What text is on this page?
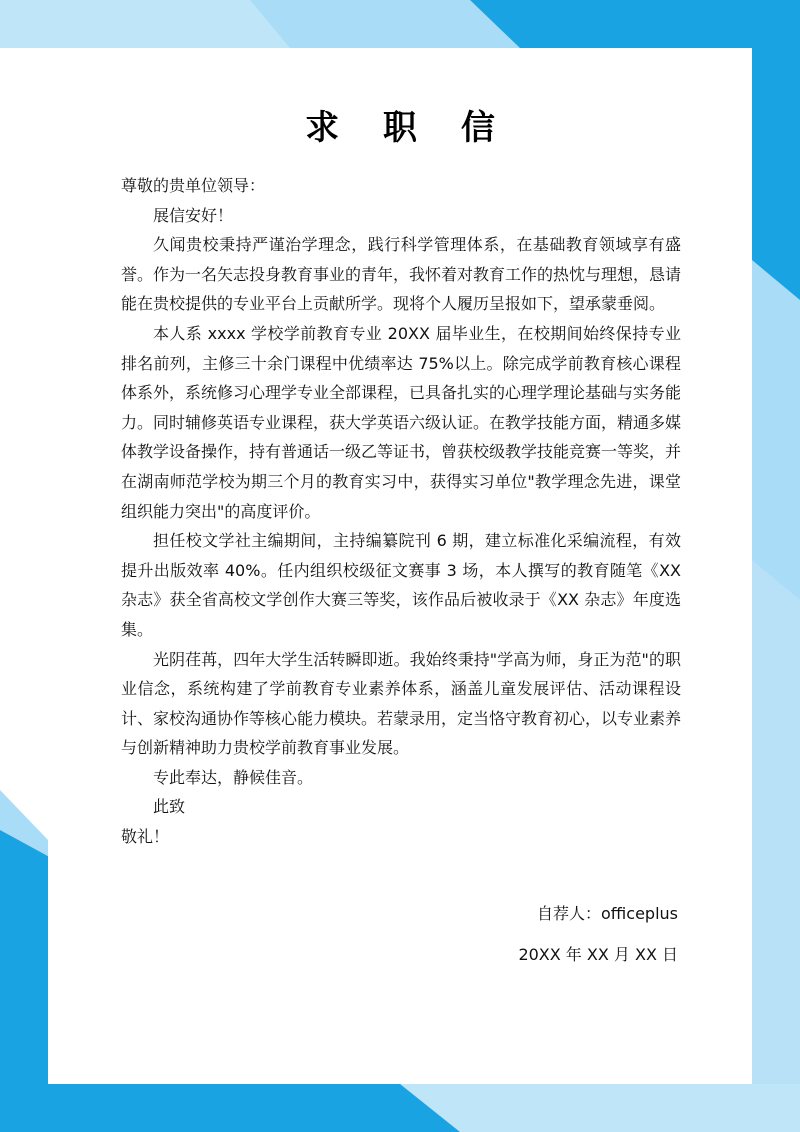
求 职 信

尊敬的贵单位领导：

展信安好！

久闻贵校秉持严谨治学理念，践行科学管理体系，在基础教育领域享有盛誉。作为一名矢志投身教育事业的青年，我怀着对教育工作的热忱与理想，恳请能在贵校提供的专业平台上贡献所学。现将个人履历呈报如下，望承蒙垂阅。

本人系 xxxx 学校学前教育专业 20XX 届毕业生，在校期间始终保持专业排名前列，主修三十余门课程中优绩率达 75%以上。除完成学前教育核心课程体系外，系统修习心理学专业全部课程，已具备扎实的心理学理论基础与实务能力。同时辅修英语专业课程，获大学英语六级认证。在教学技能方面，精通多媒体教学设备操作，持有普通话一级乙等证书，曾获校级教学技能竞赛一等奖，并在湖南师范学校为期三个月的教育实习中，获得实习单位"教学理念先进，课堂组织能力突出"的高度评价。

担任校文学社主编期间，主持编纂院刊 6 期，建立标准化采编流程，有效提升出版效率 40%。任内组织校级征文赛事 3 场，本人撰写的教育随笔《XX 杂志》获全省高校文学创作大赛三等奖，该作品后被收录于《XX 杂志》年度选集。

光阴荏苒，四年大学生活转瞬即逝。我始终秉持"学高为师，身正为范"的职业信念，系统构建了学前教育专业素养体系，涵盖儿童发展评估、活动课程设计、家校沟通协作等核心能力模块。若蒙录用，定当恪守教育初心，以专业素养与创新精神助力贵校学前教育事业发展。

专此奉达，静候佳音。

此致

敬礼！

自荐人：officeplus

20XX 年 XX 月 XX 日
